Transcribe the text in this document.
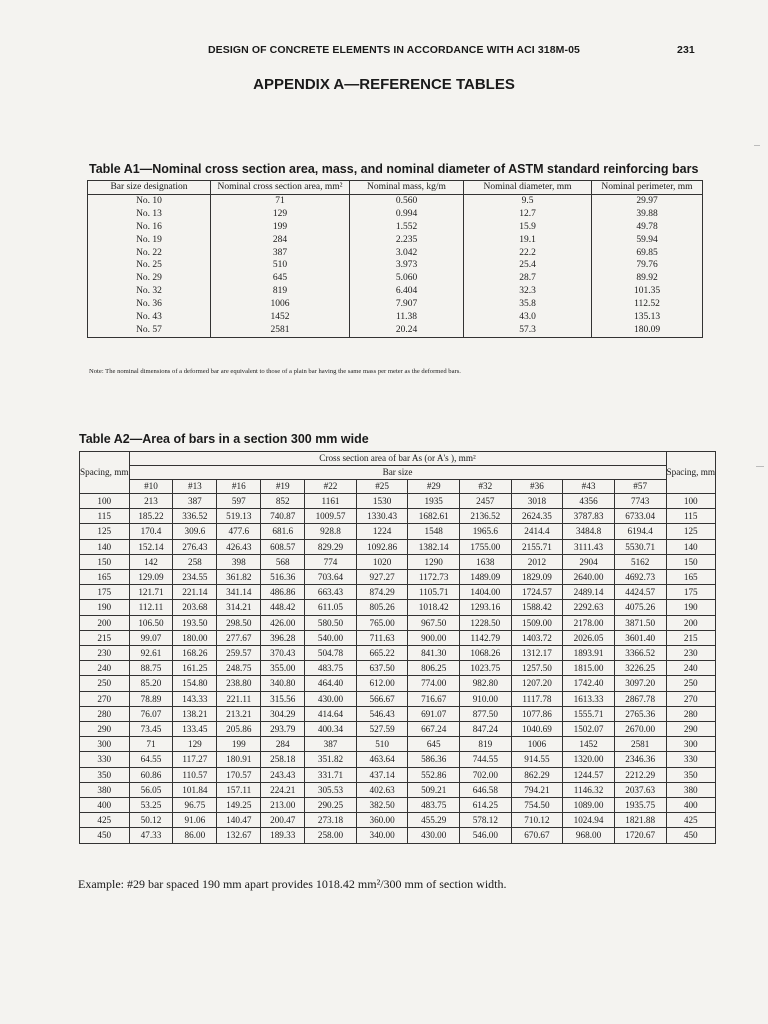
DESIGN OF CONCRETE ELEMENTS IN ACCORDANCE WITH ACI 318M-05	231
APPENDIX A—REFERENCE TABLES
Table A1—Nominal cross section area, mass, and nominal diameter of ASTM standard reinforcing bars
Bar size designation	Nominal cross section area, mm²	Nominal mass, kg/m	Nominal diameter, mm	Nominal perimeter, mm
No. 10	71	0.560	9.5	29.97
No. 13	129	0.994	12.7	39.88
No. 16	199	1.552	15.9	49.78
No. 19	284	2.235	19.1	59.94
No. 22	387	3.042	22.2	69.85
No. 25	510	3.973	25.4	79.76
No. 29	645	5.060	28.7	89.92
No. 32	819	6.404	32.3	101.35
No. 36	1006	7.907	35.8	112.52
No. 43	1452	11.38	43.0	135.13
No. 57	2581	20.24	57.3	180.09
Note: The nominal dimensions of a deformed bar are equivalent to those of a plain bar having the same mass per meter as the deformed bars.
Table A2—Area of bars in a section 300 mm wide
Spacing, mm	Cross section area of bar As (or A's ), mm²											Spacing, mm
	Bar size											
	#10	#13	#16	#19	#22	#25	#29	#32	#36	#43	#57	
100	213	387	597	852	1161	1530	1935	2457	3018	4356	7743	100
115	185.22	336.52	519.13	740.87	1009.57	1330.43	1682.61	2136.52	2624.35	3787.83	6733.04	115
125	170.4	309.6	477.6	681.6	928.8	1224	1548	1965.6	2414.4	3484.8	6194.4	125
140	152.14	276.43	426.43	608.57	829.29	1092.86	1382.14	1755.00	2155.71	3111.43	5530.71	140
150	142	258	398	568	774	1020	1290	1638	2012	2904	5162	150
165	129.09	234.55	361.82	516.36	703.64	927.27	1172.73	1489.09	1829.09	2640.00	4692.73	165
175	121.71	221.14	341.14	486.86	663.43	874.29	1105.71	1404.00	1724.57	2489.14	4424.57	175
190	112.11	203.68	314.21	448.42	611.05	805.26	1018.42	1293.16	1588.42	2292.63	4075.26	190
200	106.50	193.50	298.50	426.00	580.50	765.00	967.50	1228.50	1509.00	2178.00	3871.50	200
215	99.07	180.00	277.67	396.28	540.00	711.63	900.00	1142.79	1403.72	2026.05	3601.40	215
230	92.61	168.26	259.57	370.43	504.78	665.22	841.30	1068.26	1312.17	1893.91	3366.52	230
240	88.75	161.25	248.75	355.00	483.75	637.50	806.25	1023.75	1257.50	1815.00	3226.25	240
250	85.20	154.80	238.80	340.80	464.40	612.00	774.00	982.80	1207.20	1742.40	3097.20	250
270	78.89	143.33	221.11	315.56	430.00	566.67	716.67	910.00	1117.78	1613.33	2867.78	270
280	76.07	138.21	213.21	304.29	414.64	546.43	691.07	877.50	1077.86	1555.71	2765.36	280
290	73.45	133.45	205.86	293.79	400.34	527.59	667.24	847.24	1040.69	1502.07	2670.00	290
300	71	129	199	284	387	510	645	819	1006	1452	2581	300
330	64.55	117.27	180.91	258.18	351.82	463.64	586.36	744.55	914.55	1320.00	2346.36	330
350	60.86	110.57	170.57	243.43	331.71	437.14	552.86	702.00	862.29	1244.57	2212.29	350
380	56.05	101.84	157.11	224.21	305.53	402.63	509.21	646.58	794.21	1146.32	2037.63	380
400	53.25	96.75	149.25	213.00	290.25	382.50	483.75	614.25	754.50	1089.00	1935.75	400
425	50.12	91.06	140.47	200.47	273.18	360.00	455.29	578.12	710.12	1024.94	1821.88	425
450	47.33	86.00	132.67	189.33	258.00	340.00	430.00	546.00	670.67	968.00	1720.67	450
Example: #29 bar spaced 190 mm apart provides 1018.42 mm²/300 mm of section width.
